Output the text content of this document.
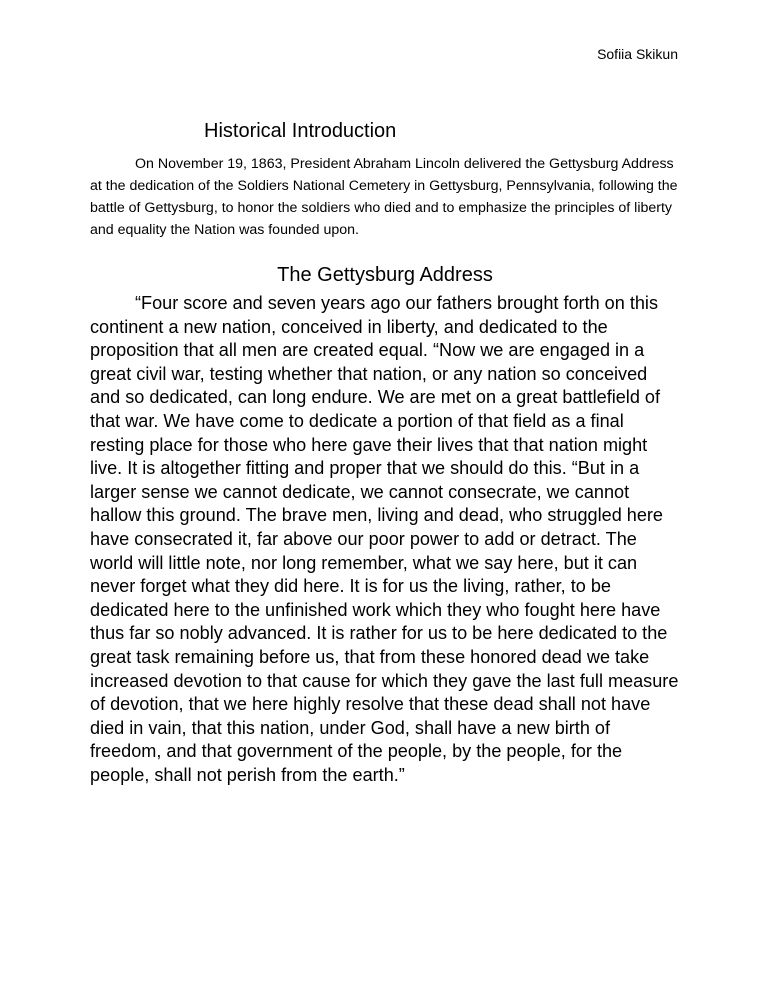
Sofiia Skikun
Historical Introduction

On November 19, 1863, President Abraham Lincoln delivered the Gettysburg Address at the dedication of the Soldiers National Cemetery in Gettysburg, Pennsylvania, following the battle of Gettysburg, to honor the soldiers who died and to emphasize the principles of liberty and equality the Nation was founded upon.

The Gettysburg Address

“Four score and seven years ago our fathers brought forth on this continent a new nation, conceived in liberty, and dedicated to the proposition that all men are created equal. “Now we are engaged in a great civil war, testing whether that nation, or any nation so conceived and so dedicated, can long endure. We are met on a great battlefield of that war. We have come to dedicate a portion of that field as a final resting place for those who here gave their lives that that nation might live. It is altogether fitting and proper that we should do this. “But in a larger sense we cannot dedicate, we cannot consecrate, we cannot hallow this ground. The brave men, living and dead, who struggled here have consecrated it, far above our poor power to add or detract. The world will little note, nor long remember, what we say here, but it can never forget what they did here. It is for us the living, rather, to be dedicated here to the unfinished work which they who fought here have thus far so nobly advanced. It is rather for us to be here dedicated to the great task remaining before us, that from these honored dead we take increased devotion to that cause for which they gave the last full measure of devotion, that we here highly resolve that these dead shall not have died in vain, that this nation, under God, shall have a new birth of freedom, and that government of the people, by the people, for the people, shall not perish from the earth.”
